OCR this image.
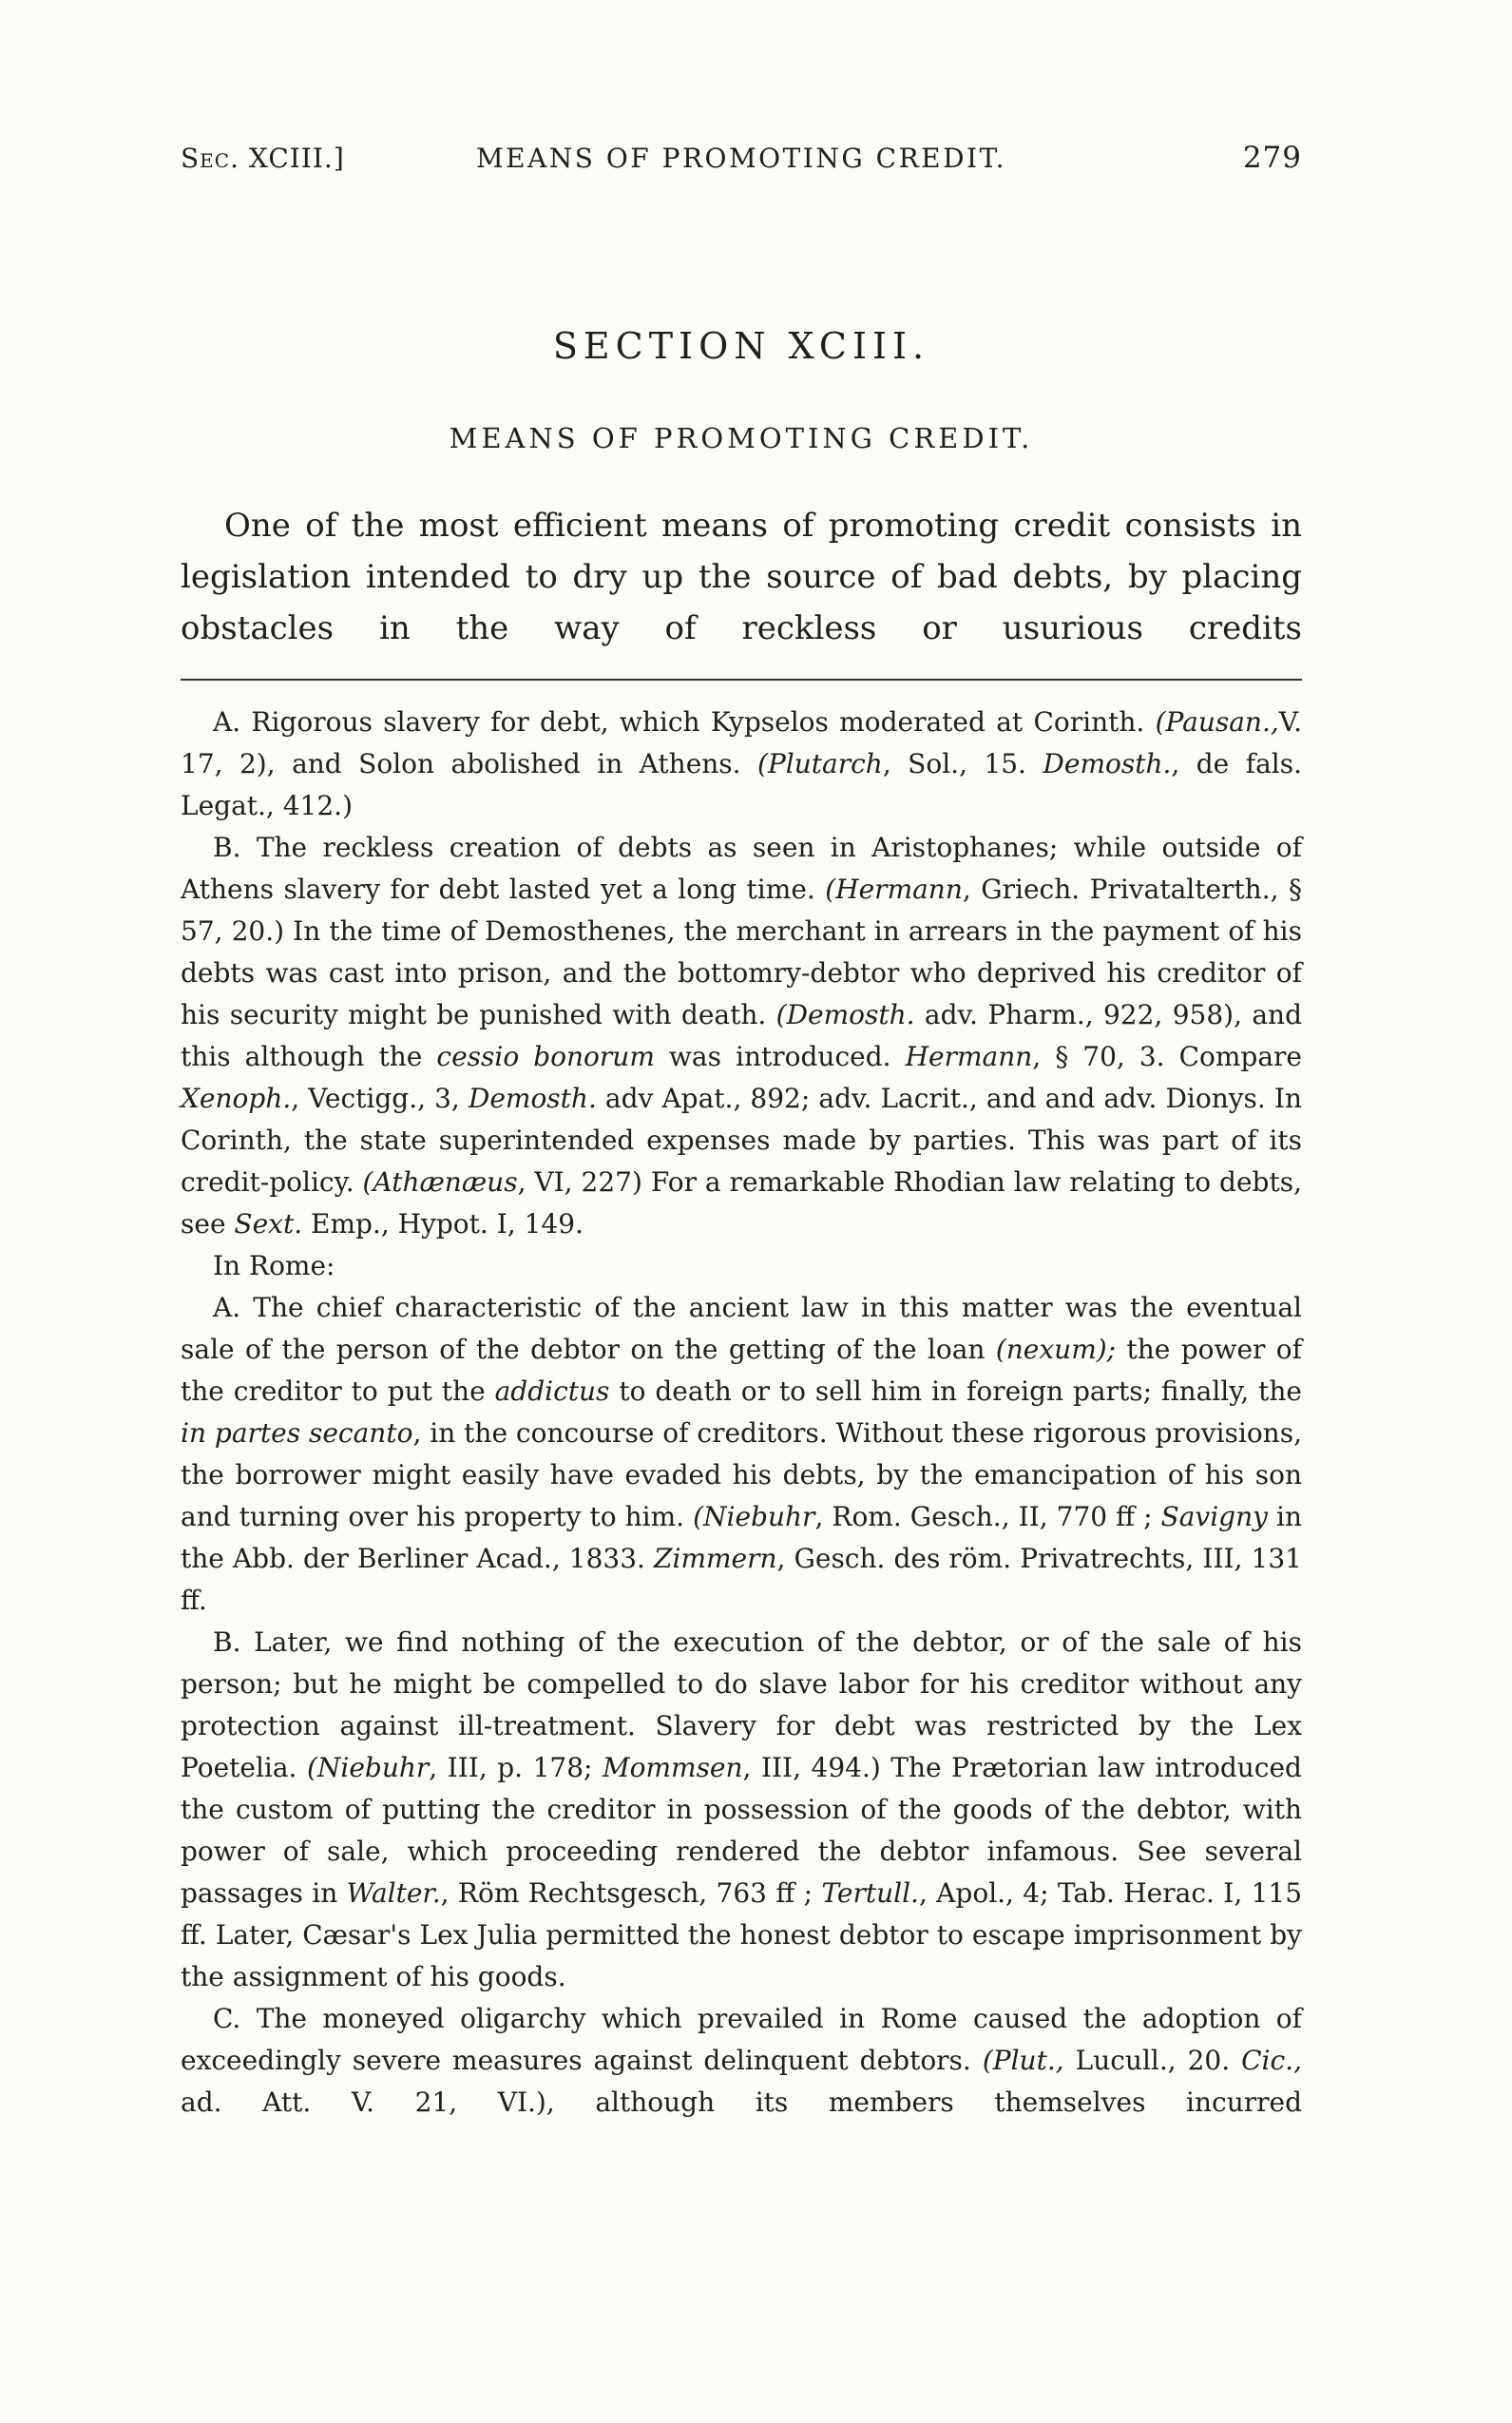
Sec. XCIII.]	MEANS OF PROMOTING CREDIT.	279
SECTION XCIII.
MEANS OF PROMOTING CREDIT.

One of the most efficient means of promoting credit consists in legislation intended to dry up the source of bad debts, by placing obstacles in the way of reckless or usurious credits

A. Rigorous slavery for debt, which Kypselos moderated at Corinth. (Pausan.,V. 17, 2), and Solon abolished in Athens. (Plutarch, Sol., 15. Demosth., de fals. Legat., 412.)

B. The reckless creation of debts as seen in Aristophanes; while outside of Athens slavery for debt lasted yet a long time. (Hermann, Griech. Privatalterth., § 57, 20.) In the time of Demosthenes, the merchant in arrears in the payment of his debts was cast into prison, and the bottomry-debtor who deprived his creditor of his security might be punished with death. (Demosth. adv. Pharm., 922, 958), and this although the cessio bonorum was introduced. Hermann, § 70, 3. Compare Xenoph., Vectigg., 3, Demosth. adv Apat., 892; adv. Lacrit., and and adv. Dionys. In Corinth, the state superintended expenses made by parties. This was part of its credit-policy. (Athænæus, VI, 227) For a remarkable Rhodian law relating to debts, see Sext. Emp., Hypot. I, 149.

In Rome:

A. The chief characteristic of the ancient law in this matter was the eventual sale of the person of the debtor on the getting of the loan (nexum); the power of the creditor to put the addictus to death or to sell him in foreign parts; finally, the in partes secanto, in the concourse of creditors. Without these rigorous provisions, the borrower might easily have evaded his debts, by the emancipation of his son and turning over his property to him. (Niebuhr, Rom. Gesch., II, 770 ff ; Savigny in the Abb. der Berliner Acad., 1833. Zimmern, Gesch. des röm. Privatrechts, III, 131 ff.

B. Later, we find nothing of the execution of the debtor, or of the sale of his person; but he might be compelled to do slave labor for his creditor without any protection against ill-treatment. Slavery for debt was restricted by the Lex Poetelia. (Niebuhr, III, p. 178; Mommsen, III, 494.) The Prætorian law introduced the custom of putting the creditor in possession of the goods of the debtor, with power of sale, which proceeding rendered the debtor infamous. See several passages in Walter., Röm Rechtsgesch, 763 ff ; Tertull., Apol., 4; Tab. Herac. I, 115 ff. Later, Cæsar's Lex Julia permitted the honest debtor to escape imprisonment by the assignment of his goods.

C. The moneyed oligarchy which prevailed in Rome caused the adoption of exceedingly severe measures against delinquent debtors. (Plut., Lucull., 20. Cic., ad. Att. V. 21, VI.), although its members themselves incurred
